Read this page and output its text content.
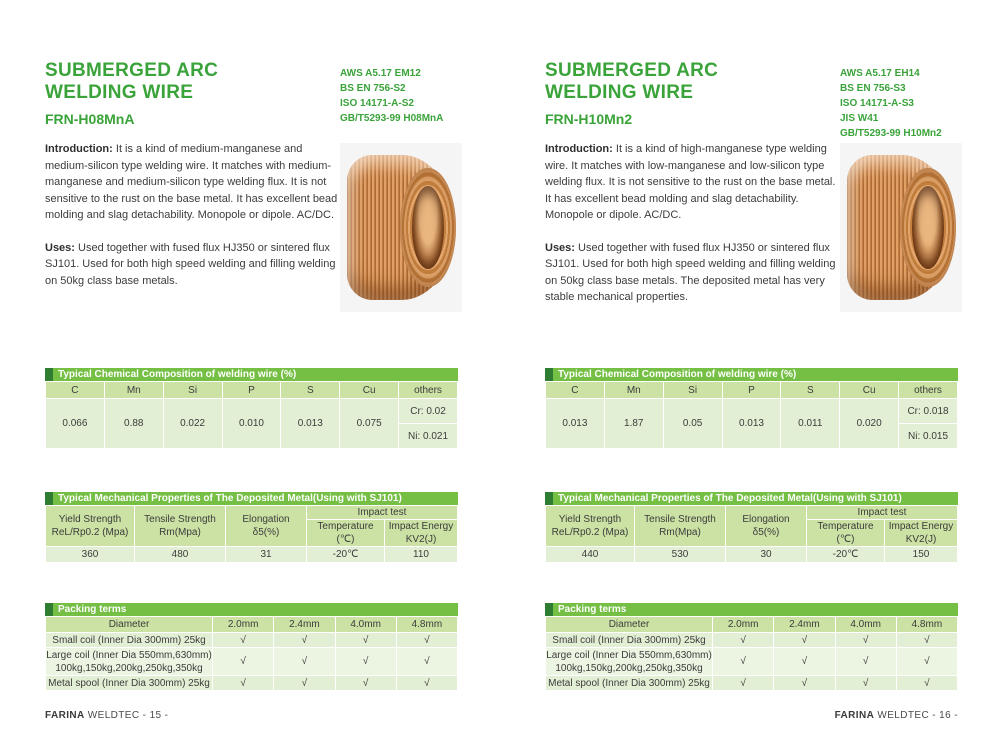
SUBMERGED ARC
WELDING WIRE
FRN-H08MnA
AWS A5.17 EM12
BS EN 756-S2
ISO 14171-A-S2
GB/T5293-99 H08MnA

Introduction: It is a kind of medium-manganese and medium-silicon type welding wire. It matches with medium-manganese and medium-silicon type welding flux. It is not sensitive to the rust on the base metal. It has excellent bead molding and slag detachability. Monopole or dipole. AC/DC.

Uses: Used together with fused flux HJ350 or sintered flux SJ101. Used for both high speed welding and filling welding on 50kg class base metals.

Typical Chemical Composition of welding wire (%)
C	Mn	Si	P	S	Cu	others
0.066	0.88	0.022	0.010	0.013	0.075	Cr: 0.02
						Ni: 0.021
Typical Mechanical Properties of The Deposited Metal(Using with SJ101)
Yield Strength
ReL/Rp0.2 (Mpa)

Tensile Strength
Rm(Mpa)

Elongation
δ5(%)
	Impact test

Temperature
(℃)

Impact Energy
KV2(J)

360	480	31	-20℃	110
Packing terms
Diameter	2.0mm	2.4mm	4.0mm	4.8mm
Small coil (Inner Dia 300mm) 25kg	√	√	√	√

Large coil (Inner Dia 550mm,630mm)
100kg,150kg,200kg,250kg,350kg	√	√	√	√
Metal spool (Inner Dia 300mm) 25kg	√	√	√	√
FARINA WELDTEC - 15 -
SUBMERGED ARC
WELDING WIRE
FRN-H10Mn2
AWS A5.17 EH14
BS EN 756-S3
ISO 14171-A-S3
JIS W41
GB/T5293-99 H10Mn2

Introduction: It is a kind of high-manganese type welding wire. It matches with low-manganese and low-silicon type welding flux. It is not sensitive to the rust on the base metal. It has excellent bead molding and slag detachability. Monopole or dipole. AC/DC.

Uses: Used together with fused flux HJ350 or sintered flux SJ101. Used for both high speed welding and filling welding on 50kg class base metals. The deposited metal has very stable mechanical properties.

Typical Chemical Composition of welding wire (%)
C	Mn	Si	P	S	Cu	others
0.013	1.87	0.05	0.013	0.011	0.020	Cr: 0.018
						Ni: 0.015
Typical Mechanical Properties of The Deposited Metal(Using with SJ101)
Yield Strength
ReL/Rp0.2 (Mpa)

Tensile Strength
Rm(Mpa)

Elongation
δ5(%)
	Impact test

Temperature
(℃)

Impact Energy
KV2(J)

440	530	30	-20℃	150
Packing terms
Diameter	2.0mm	2.4mm	4.0mm	4.8mm
Small coil (Inner Dia 300mm) 25kg	√	√	√	√

Large coil (Inner Dia 550mm,630mm)
100kg,150kg,200kg,250kg,350kg	√	√	√	√
Metal spool (Inner Dia 300mm) 25kg	√	√	√	√
FARINA WELDTEC - 16 -
